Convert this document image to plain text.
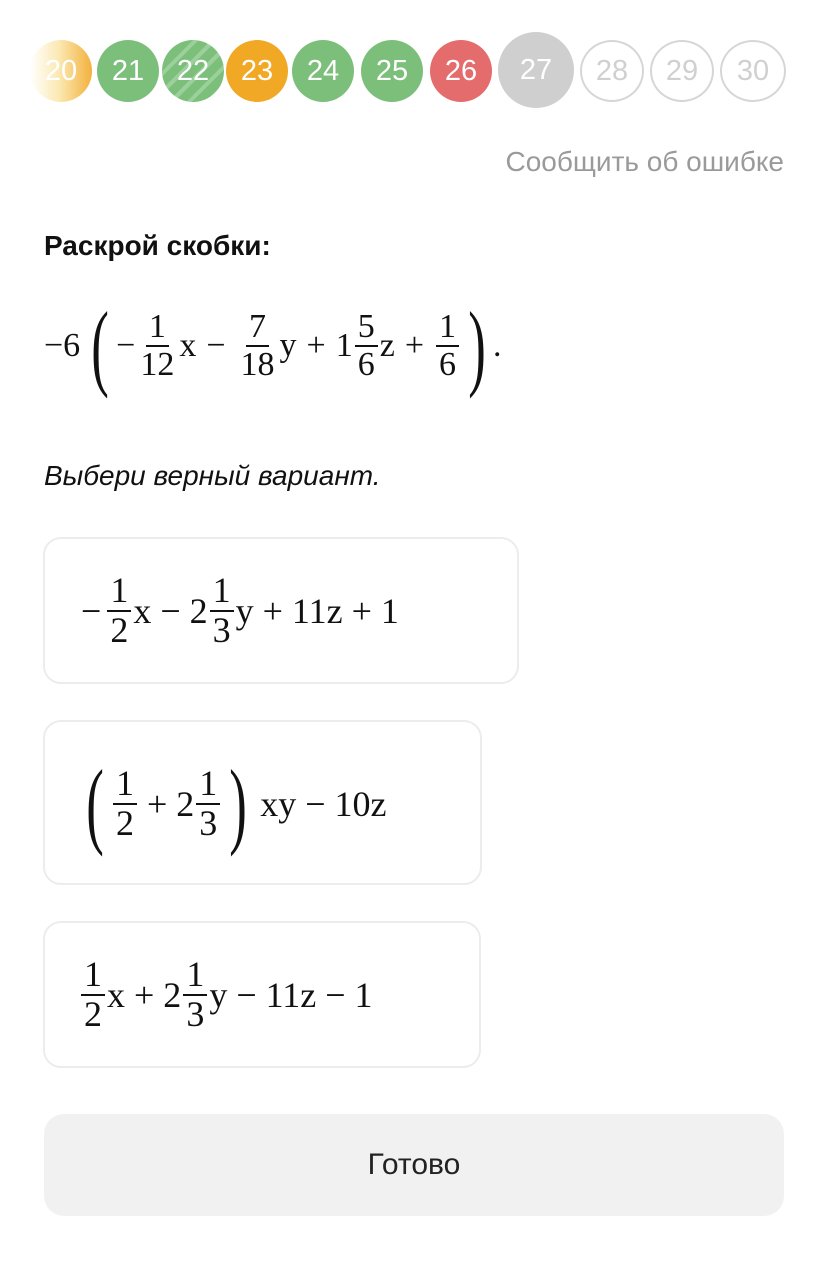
20 21 22 23 24 25 26 27 28 29 30
Сообщить об ошибке
Раскрой скобки:
−6 ( − $\frac{1}{12}$ $x - \frac{7}{18}$ $y + 1 \frac{5}{6}$ $z + \frac{1}{6}$ ) .
Выбери верный вариант.
− $\frac{1}{2}$ $x - 2 \frac{1}{3}$ y + 11z + 1
( $\frac{1}{2} + 2 \frac{1}{3}$ ) xy − 10z
$\frac{1}{2}$ $x + 2 \frac{1}{3}$ y − 11z − 1
Готово
